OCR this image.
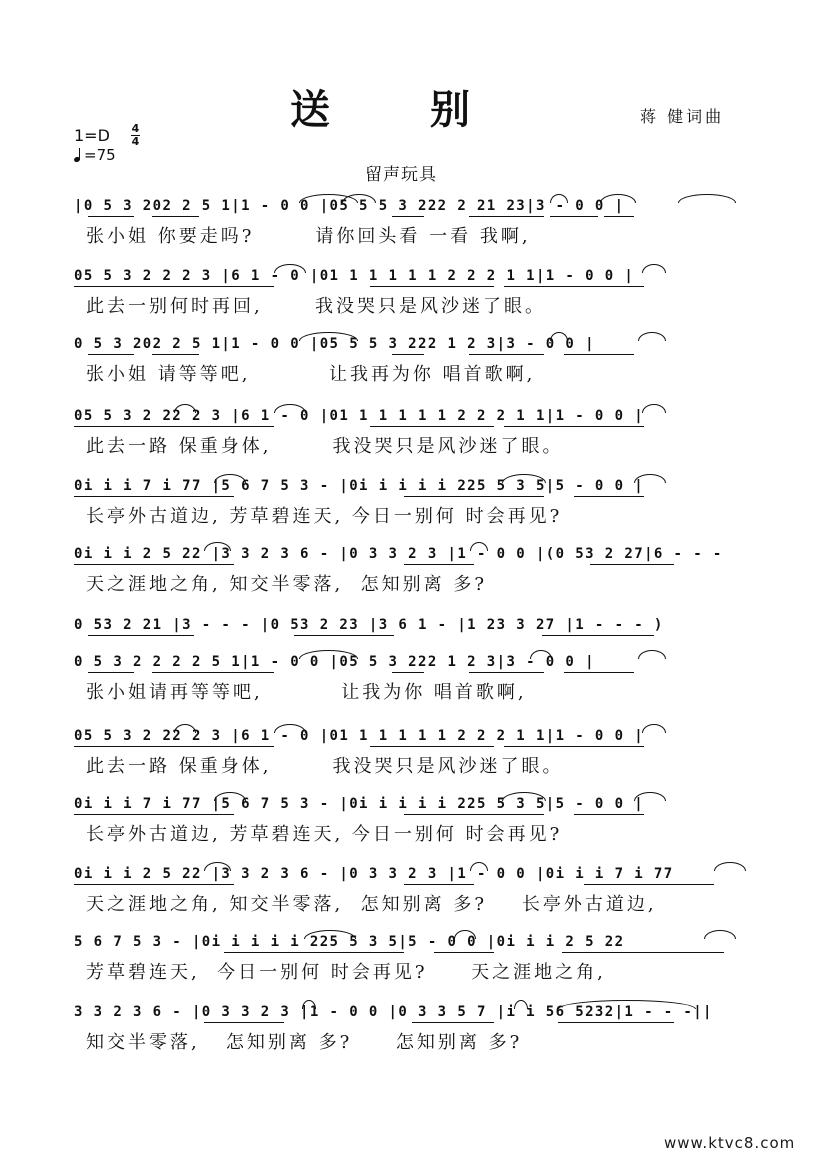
送别	蒋 健词曲
1=D 4
4
=75
留声玩具
|0 5 3 202 2 5 1|1 - 0 0 |05 5 5 3 222 2 21 23|3 - 0 0 |
张小姐 你要走吗?       请你回头看 一看 我啊,
05 5 3 2 2 2 3 |6 1 - 0 |01 1 1 1 1 1 2 2 2 1 1|1 - 0 0 |
此去一别何时再回,      我没哭只是风沙迷了眼。
0 5 3 202 2 5 1|1 - 0 0 |05 5 5 3 222 1 2 3|3 - 0 0 |
张小姐 请等等吧,         让我再为你 唱首歌啊,
05 5 3 2 22 2 3 |6 1 - 0 |01 1 1 1 1 1 2 2 2 1 1|1 - 0 0 |
此去一路 保重身体,       我没哭只是风沙迷了眼。
0i i i 7 i 77 |5 6 7 5 3 - |0i i i i i 225 5 3 5|5 - 0 0 |
长亭外古道边, 芳草碧连天, 今日一别何 时会再见?
0i i i 2 5 22 |3 3 2 3 6 - |0 3 3 2 3 |1 - 0 0 |(0 53 2 27|6 - - -
天之涯地之角, 知交半零落,  怎知别离 多?
0 53 2 21 |3 - - - |0 53 2 23 |3 6 1 - |1 23 3 27 |1 - - - )
0 5 3 2 2 2 2 5 1|1 - 0 0 |05 5 3 222 1 2 3|3 - 0 0 |
张小姐请再等等吧,         让我为你 唱首歌啊,
05 5 3 2 22 2 3 |6 1 - 0 |01 1 1 1 1 1 2 2 2 1 1|1 - 0 0 |
此去一路 保重身体,       我没哭只是风沙迷了眼。
0i i i 7 i 77 |5 6 7 5 3 - |0i i i i i 225 5 3 5|5 - 0 0 |
长亭外古道边, 芳草碧连天, 今日一别何 时会再见?
0i i i 2 5 22 |3 3 2 3 6 - |0 3 3 2 3 |1 - 0 0 |0i i i 7 i 77
天之涯地之角, 知交半零落,  怎知别离 多?    长亭外古道边,
5 6 7 5 3 - |0i i i i i 225 5 3 5|5 - 0 0 |0i i i 2 5 22
芳草碧连天,  今日一别何 时会再见?     天之涯地之角,
3 3 2 3 6 - |0 3 3 2 3 |1 - 0 0 |0 3 3 5 7 |i i 56 5232|1 - - -||
知交半零落,   怎知别离 多?     怎知别离 多?
www.ktvc8.com
